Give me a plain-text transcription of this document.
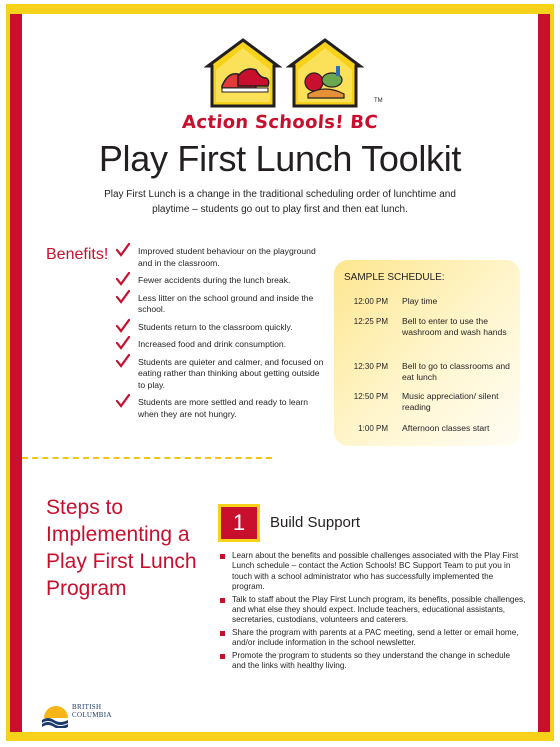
TM
Action Schools! BC
Play First Lunch Toolkit

Play First Lunch is a change in the traditional scheduling order of lunchtime and playtime – students go out to play first and then eat lunch.

Benefits!	Improved student behaviour on the playground and in the classroom.
Fewer accidents during the lunch break.
Less litter on the school ground and inside the school.
Students return to the classroom quickly.
Increased food and drink consumption.
Students are quieter and calmer, and focused on eating rather than thinking about getting outside to play.
Students are more settled and ready to learn when they are not hungry.
SAMPLE SCHEDULE:
12:00 PM Play time
12:25 PM Bell to enter to use the washroom and wash hands
12:30 PM Bell to go to classrooms and eat lunch
12:50 PM Music appreciation/ silent reading
1:00 PM Afternoon classes start
Steps to Implementing a Play First Lunch Program
1	Build Support
Learn about the benefits and possible challenges associated with the Play First Lunch schedule – contact the Action Schools! BC Support Team to put you in touch with a school administrator who has successfully implemented the program.
Talk to staff about the Play First Lunch program, its benefits, possible challenges, and what else they should expect. Include teachers, educational assistants, secretaries, custodians, volunteers and caterers.
Share the program with parents at a PAC meeting, send a letter or email home, and/or include information in the school newsletter.
Promote the program to students so they understand the change in schedule and the links with healthy living.
BRITISH
COLUMBIA
